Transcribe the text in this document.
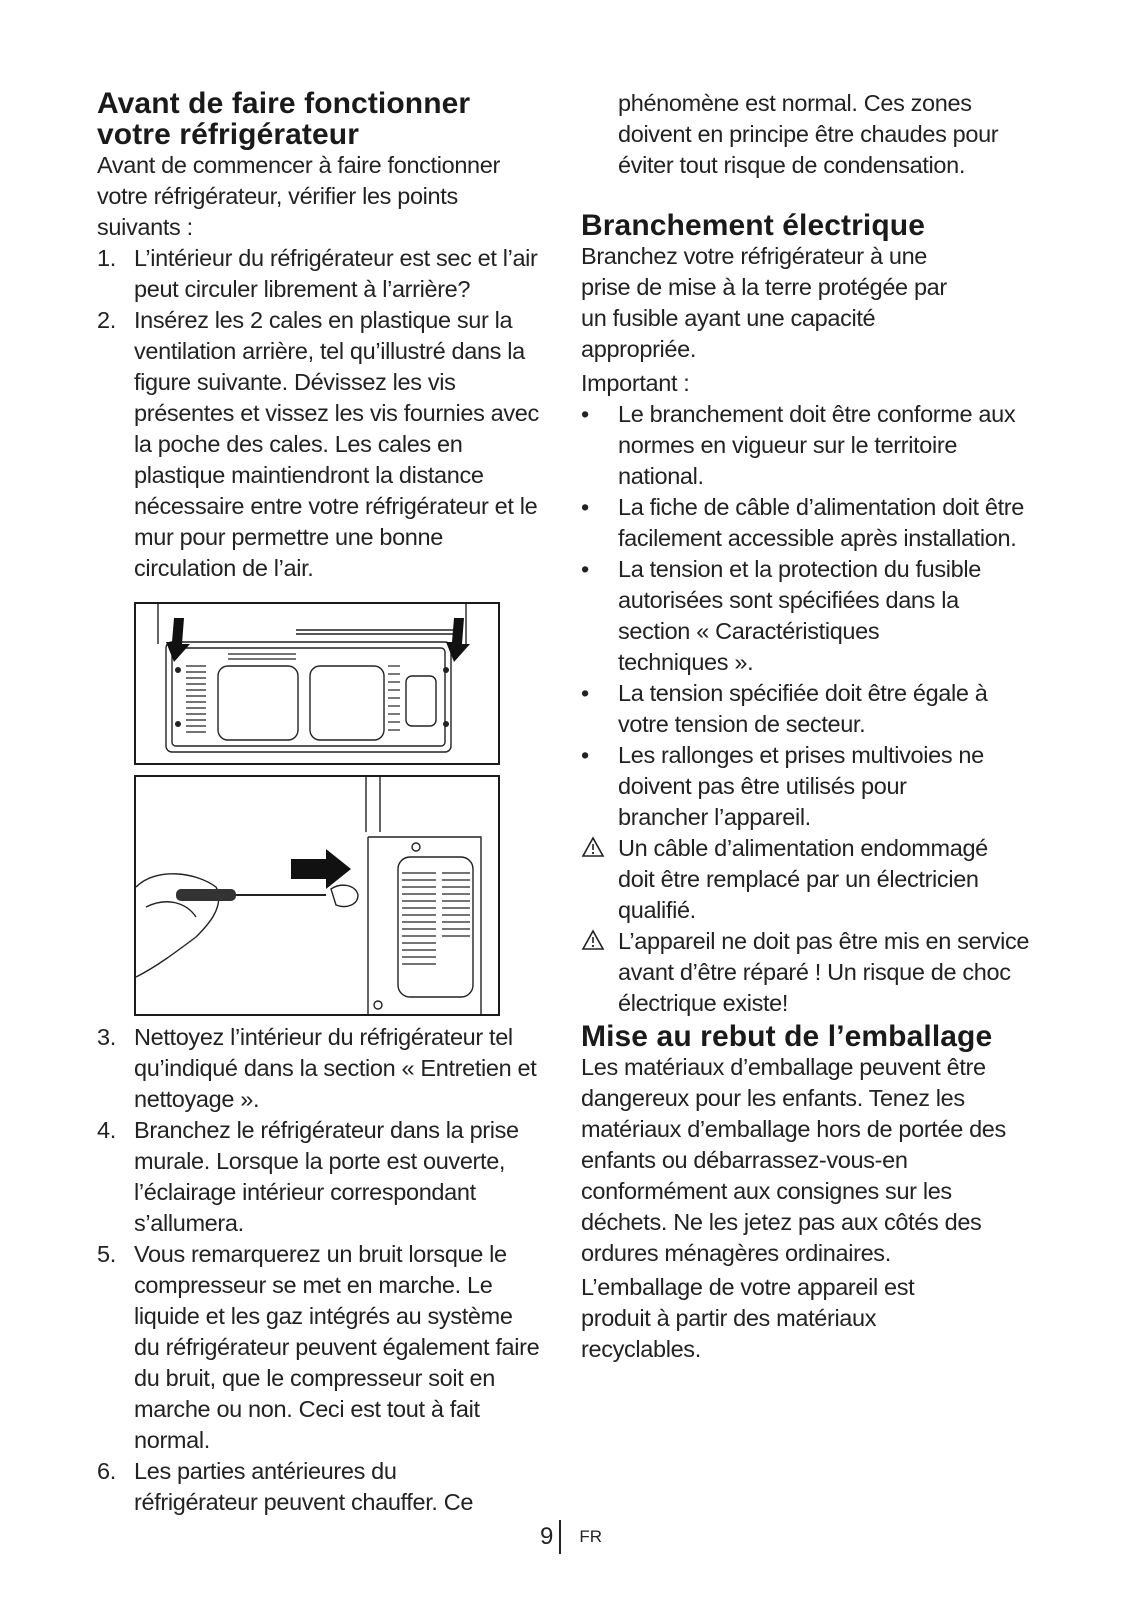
Avant de faire fonctionner votre réfrigérateur

Avant de commencer à faire fonctionner votre réfrigérateur, vérifier les points suivants :

1. L’intérieur du réfrigérateur est sec et l’air peut circuler librement à l’arrière?
2. Insérez les 2 cales en plastique sur la ventilation arrière, tel qu’illustré dans la figure suivante. Dévissez les vis présentes et vissez les vis fournies avec la poche des cales. Les cales en plastique maintiendront la distance nécessaire entre votre réfrigérateur et le mur pour permettre une bonne circulation de l’air.
3. Nettoyez l’intérieur du réfrigérateur tel qu’indiqué dans la section « Entretien et nettoyage ».
4. Branchez le réfrigérateur dans la prise murale. Lorsque la porte est ouverte, l’éclairage intérieur correspondant s’allumera.
5. Vous remarquerez un bruit lorsque le compresseur se met en marche. Le liquide et les gaz intégrés au système du réfrigérateur peuvent également faire du bruit, que le compresseur soit en marche ou non. Ceci est tout à fait normal.
6. Les parties antérieures du réfrigérateur peuvent chauffer. Ce

phénomène est normal. Ces zones doivent en principe être chaudes pour éviter tout risque de condensation.

Branchement électrique

Branchez votre réfrigérateur à une prise de mise à la terre protégée par un fusible ayant une capacité appropriée.

Important :

•	Le branchement doit être conforme aux normes en vigueur sur le territoire national.
•	La fiche de câble d’alimentation doit être facilement accessible après installation.
•	La tension et la protection du fusible autorisées sont spécifiées dans la section « Caractéristiques techniques ».
•	La tension spécifiée doit être égale à votre tension de secteur.
•	Les rallonges et prises multivoies ne doivent pas être utilisés pour brancher l’appareil.
Un câble d’alimentation endommagé doit être remplacé par un électricien qualifié.
L’appareil ne doit pas être mis en service avant d’être réparé ! Un risque de choc électrique existe!
Mise au rebut de l’emballage

Les matériaux d’emballage peuvent être dangereux pour les enfants. Tenez les matériaux d’emballage hors de portée des enfants ou débarrassez-vous-en conformément aux consignes sur les déchets. Ne les jetez pas aux côtés des ordures ménagères ordinaires.

L’emballage de votre appareil est produit à partir des matériaux recyclables.

9 FR
